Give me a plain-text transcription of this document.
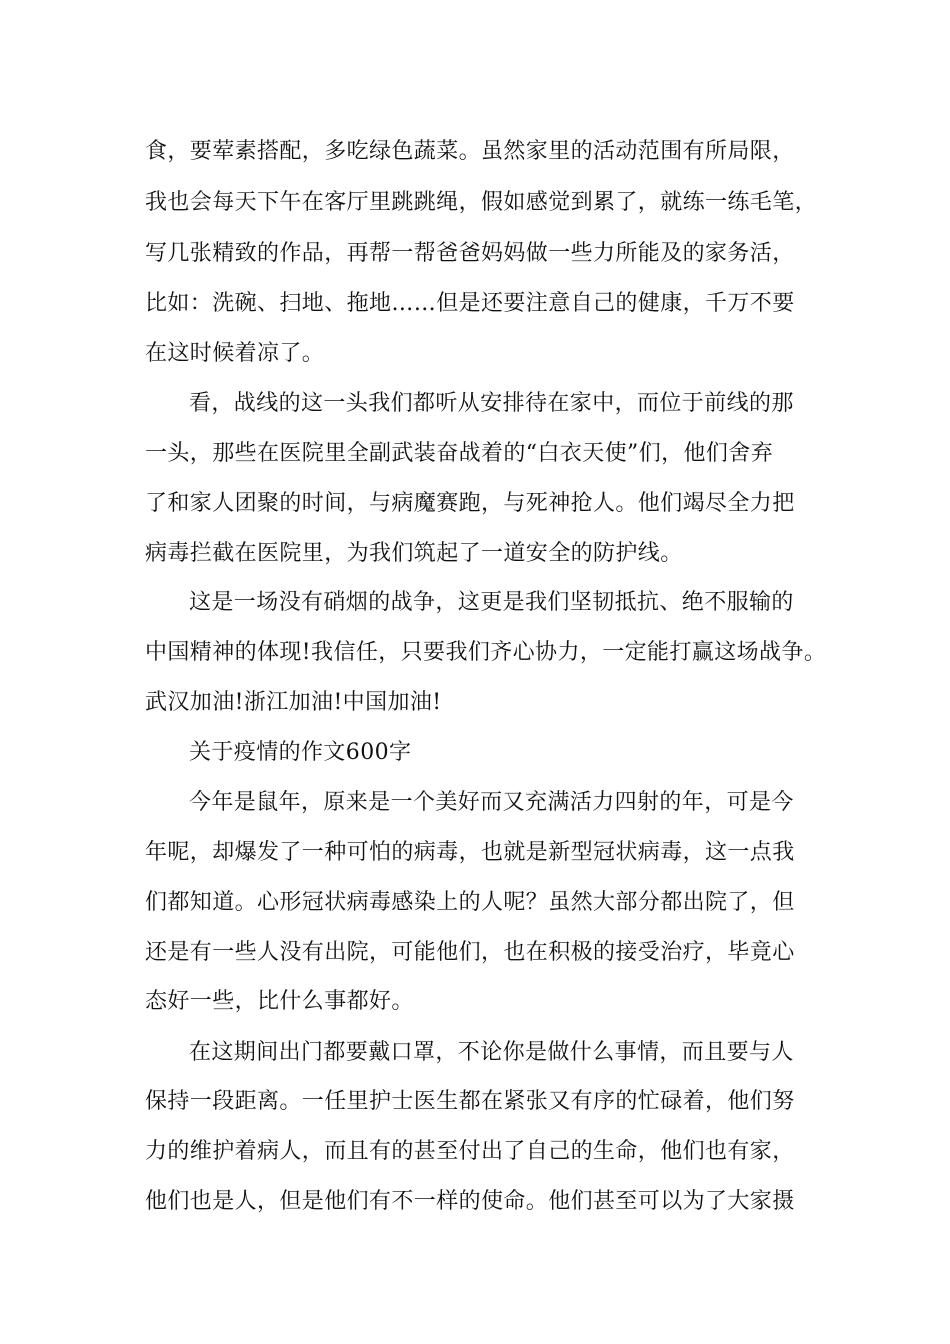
食，要荤素搭配，多吃绿色蔬菜。虽然家里的活动范围有所局限，
我也会每天下午在客厅里跳跳绳，假如感觉到累了，就练一练毛笔，
写几张精致的作品，再帮一帮爸爸妈妈做一些力所能及的家务活，
比如：洗碗、扫地、拖地……但是还要注意自己的健康，千万不要
在这时候着凉了。
看，战线的这一头我们都听从安排待在家中，而位于前线的那
一头，那些在医院里全副武装奋战着的“白衣天使”们，他们舍弃
了和家人团聚的时间，与病魔赛跑，与死神抢人。他们竭尽全力把
病毒拦截在医院里，为我们筑起了一道安全的防护线。
这是一场没有硝烟的战争，这更是我们坚韧抵抗、绝不服输的
中国精神的体现!我信任，只要我们齐心协力，一定能打赢这场战争。
武汉加油!浙江加油!中国加油!
关于疫情的作文600字
今年是鼠年，原来是一个美好而又充满活力四射的年，可是今
年呢，却爆发了一种可怕的病毒，也就是新型冠状病毒，这一点我
们都知道。心形冠状病毒感染上的人呢？虽然大部分都出院了，但
还是有一些人没有出院，可能他们，也在积极的接受治疗，毕竟心
态好一些，比什么事都好。
在这期间出门都要戴口罩，不论你是做什么事情，而且要与人
保持一段距离。一任里护士医生都在紧张又有序的忙碌着，他们努
力的维护着病人，而且有的甚至付出了自己的生命，他们也有家，
他们也是人，但是他们有不一样的使命。他们甚至可以为了大家摄
